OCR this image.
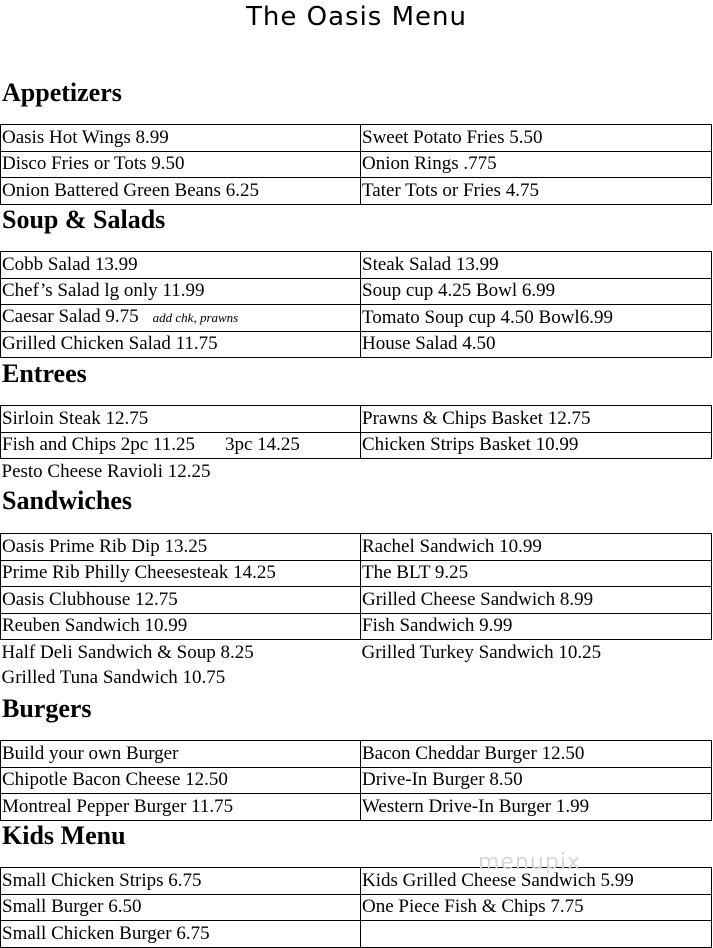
The Oasis Menu
Appetizers
Oasis Hot Wings 8.99	Sweet Potato Fries 5.50
Disco Fries or Tots 9.50	Onion Rings .775
Onion Battered Green Beans 6.25	Tater Tots or Fries 4.75
Soup & Salads
Cobb Salad 13.99	Steak Salad 13.99
Chef’s Salad lg only 11.99	Soup cup 4.25 Bowl 6.99
Caesar Salad 9.75 add chk, prawns	Tomato Soup cup 4.50 Bowl6.99
Grilled Chicken Salad 11.75	House Salad 4.50
Entrees
Sirloin Steak 12.75	Prawns & Chips Basket 12.75
Fish and Chips 2pc 11.25 3pc 14.25	Chicken Strips Basket 10.99
Pesto Cheese Ravioli 12.25	
Sandwiches
Oasis Prime Rib Dip 13.25	Rachel Sandwich 10.99
Prime Rib Philly Cheesesteak 14.25	The BLT 9.25
Oasis Clubhouse 12.75	Grilled Cheese Sandwich 8.99
Reuben Sandwich 10.99	Fish Sandwich 9.99
Half Deli Sandwich & Soup 8.25	Grilled Turkey Sandwich 10.25
Grilled Tuna Sandwich 10.75	
Burgers
Build your own Burger	Bacon Cheddar Burger 12.50
Chipotle Bacon Cheese 12.50	Drive-In Burger 8.50
Montreal Pepper Burger 11.75	Western Drive-In Burger 1.99
Kids Menu
Small Chicken Strips 6.75	Kids Grilled Cheese Sandwich 5.99
Small Burger 6.50	One Piece Fish & Chips 7.75
Small Chicken Burger 6.75	
menupix
